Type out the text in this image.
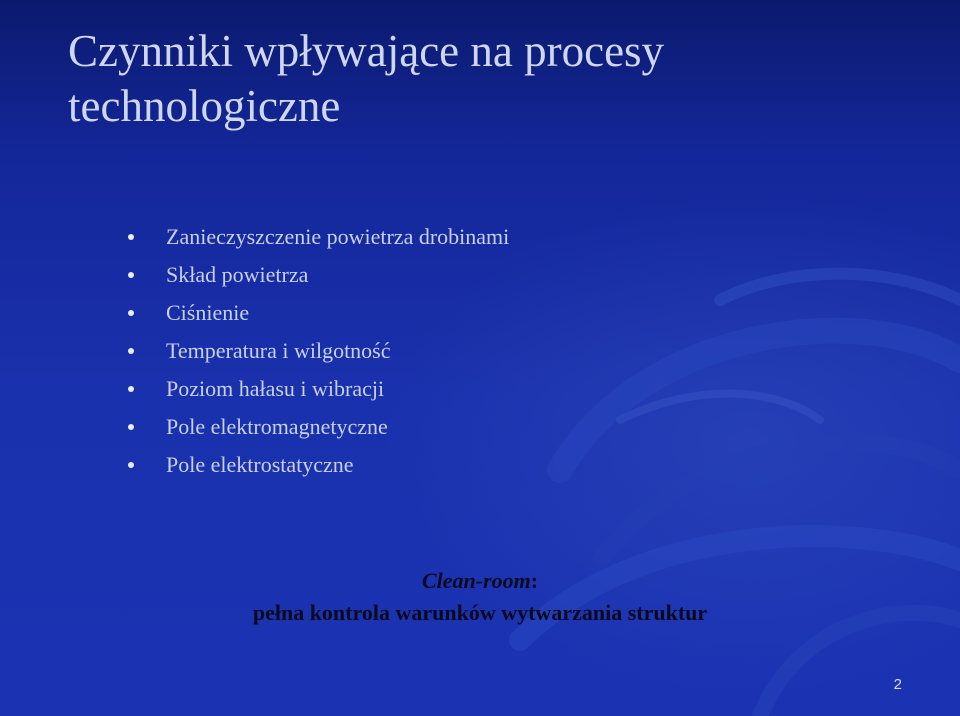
Czynniki wpływające na procesy technologiczne
Zanieczyszczenie powietrza drobinami
Skład powietrza
Ciśnienie
Temperatura i wilgotność
Poziom hałasu i wibracji
Pole elektromagnetyczne
Pole elektrostatyczne
Clean-room:
pełna kontrola warunków wytwarzania struktur
2
